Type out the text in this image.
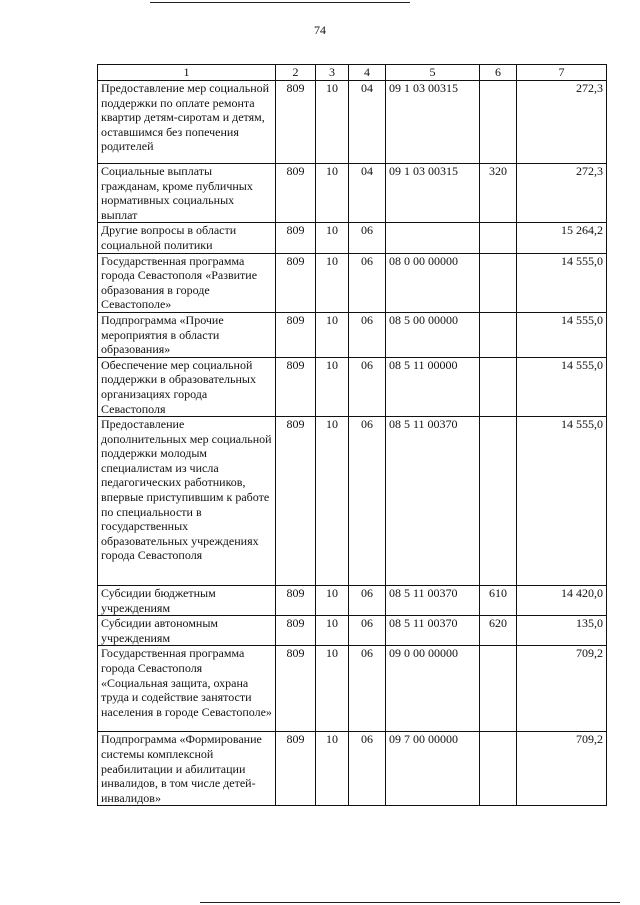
74
1	2	3	4	5	6	7
Предоставление мер социальной поддержки по оплате ремонта квартир детям-сиротам и детям, оставшимся без попечения родителей	809	10	04	09 1 03 00315		272,3
Социальные выплаты гражданам, кроме публичных нормативных социальных выплат	809	10	04	09 1 03 00315	320	272,3
Другие вопросы в области социальной политики	809	10	06			15 264,2
Государственная программа города Севастополя «Развитие образования в городе Севастополе»	809	10	06	08 0 00 00000		14 555,0
Подпрограмма «Прочие мероприятия в области образования»	809	10	06	08 5 00 00000		14 555,0
Обеспечение мер социальной поддержки в образовательных организациях города Севастополя	809	10	06	08 5 11 00000		14 555,0
Предоставление дополнительных мер социальной поддержки молодым специалистам из числа педагогических работников, впервые приступившим к работе по специальности в государственных образовательных учреждениях города Севастополя	809	10	06	08 5 11 00370		14 555,0
Субсидии бюджетным учреждениям	809	10	06	08 5 11 00370	610	14 420,0
Субсидии автономным учреждениям	809	10	06	08 5 11 00370	620	135,0
Государственная программа города Севастополя «Социальная защита, охрана труда и содействие занятости населения в городе Севастополе»	809	10	06	09 0 00 00000		709,2
Подпрограмма «Формирование системы комплексной реабилитации и абилитации инвалидов, в том числе детей-инвалидов»	809	10	06	09 7 00 00000		709,2
